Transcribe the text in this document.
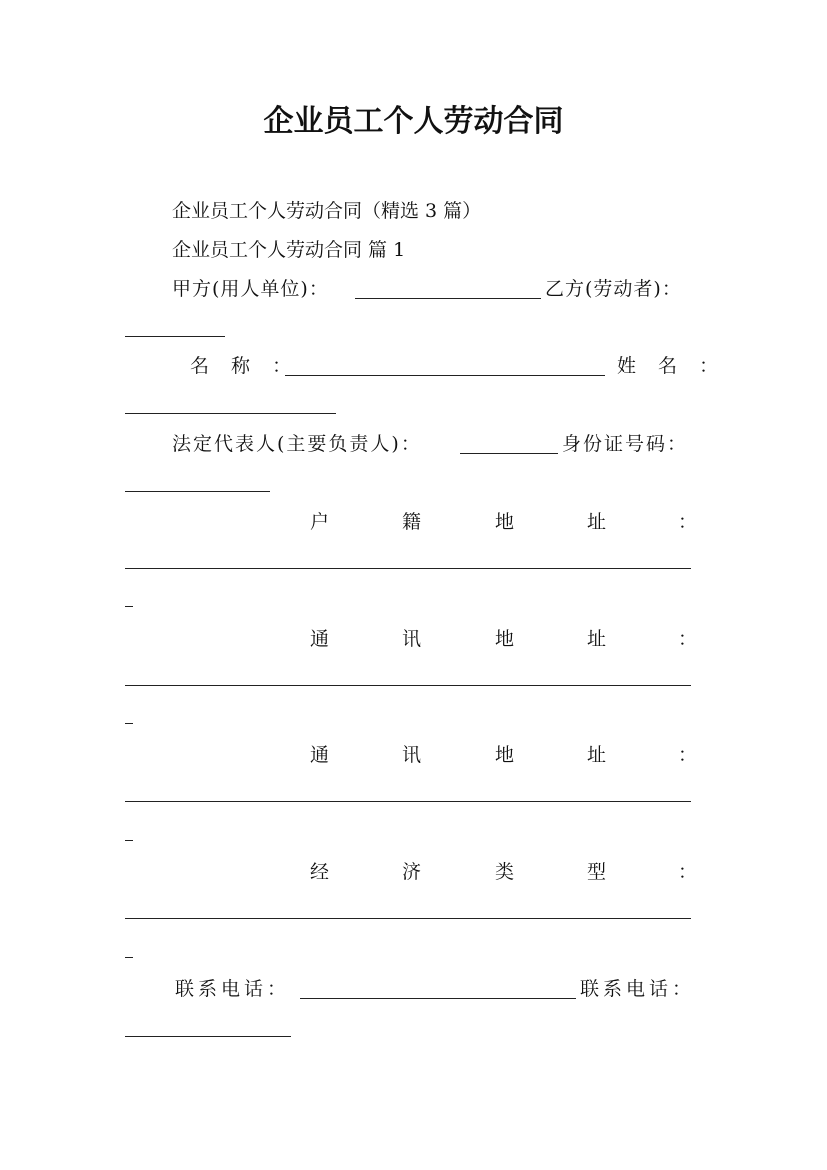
企业员工个人劳动合同
企业员工个人劳动合同（精选 3 篇）
企业员工个人劳动合同 篇 1
甲方(用人单位)：	乙方(劳动者)：
名 称 ：	姓 名 ：
法定代表人(主要负责人)：	身份证号码：
户	籍	地	址	：
通	讯	地	址	：
通	讯	地	址	：
经	济	类	型	：
联系电话：	联系电话：
